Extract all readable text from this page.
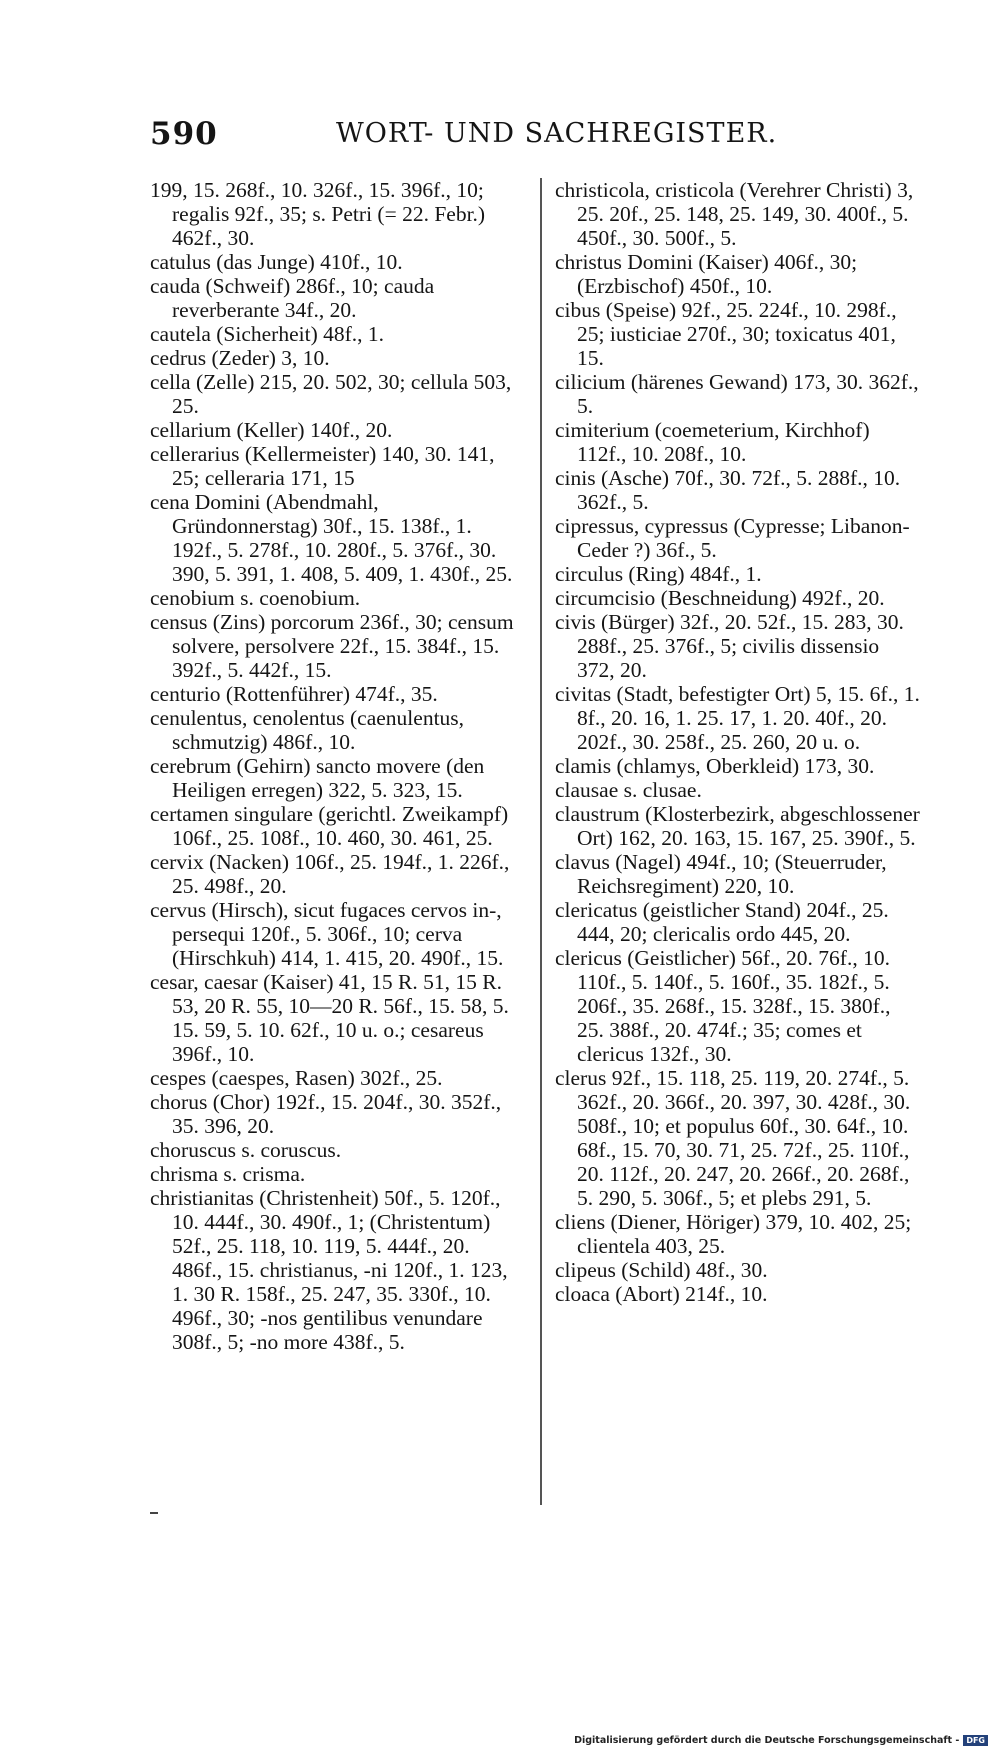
590	WORT- UND SACHREGISTER.

199, 15. 268f., 10. 326f., 15. 396f., 10; regalis 92f., 35; s. Petri (= 22. Febr.) 462f., 30.

catulus (das Junge) 410f., 10.

cauda (Schweif) 286f., 10; cauda reverberante 34f., 20.

cautela (Sicherheit) 48f., 1.

cedrus (Zeder) 3, 10.

cella (Zelle) 215, 20. 502, 30; cellula 503, 25.

cellarium (Keller) 140f., 20.

cellerarius (Kellermeister) 140, 30. 141, 25; celleraria 171, 15

cena Domini (Abendmahl, Gründonnerstag) 30f., 15. 138f., 1. 192f., 5. 278f., 10. 280f., 5. 376f., 30. 390, 5. 391, 1. 408, 5. 409, 1. 430f., 25.

cenobium s. coenobium.

census (Zins) porcorum 236f., 30; censum solvere, persolvere 22f., 15. 384f., 15. 392f., 5. 442f., 15.

centurio (Rottenführer) 474f., 35.

cenulentus, cenolentus (caenulentus, schmutzig) 486f., 10.

cerebrum (Gehirn) sancto movere (den Heiligen erregen) 322, 5. 323, 15.

certamen singulare (gerichtl. Zweikampf) 106f., 25. 108f., 10. 460, 30. 461, 25.

cervix (Nacken) 106f., 25. 194f., 1. 226f., 25. 498f., 20.

cervus (Hirsch), sicut fugaces cervos in-, persequi 120f., 5. 306f., 10; cerva (Hirschkuh) 414, 1. 415, 20. 490f., 15.

cesar, caesar (Kaiser) 41, 15 R. 51, 15 R. 53, 20 R. 55, 10—20 R. 56f., 15. 58, 5. 15. 59, 5. 10. 62f., 10 u. o.; cesareus 396f., 10.

cespes (caespes, Rasen) 302f., 25.

chorus (Chor) 192f., 15. 204f., 30. 352f., 35. 396, 20.

choruscus s. coruscus.

chrisma s. crisma.

christianitas (Christenheit) 50f., 5. 120f., 10. 444f., 30. 490f., 1; (Christentum) 52f., 25. 118, 10. 119, 5. 444f., 20. 486f., 15. christianus, -ni 120f., 1. 123, 1. 30 R. 158f., 25. 247, 35. 330f., 10. 496f., 30; -nos gentilibus venundare 308f., 5; -no more 438f., 5.

christicola, cristicola (Verehrer Christi) 3, 25. 20f., 25. 148, 25. 149, 30. 400f., 5. 450f., 30. 500f., 5.

christus Domini (Kaiser) 406f., 30; (Erzbischof) 450f., 10.

cibus (Speise) 92f., 25. 224f., 10. 298f., 25; iusticiae 270f., 30; toxicatus 401, 15.

cilicium (härenes Gewand) 173, 30. 362f., 5.

cimiterium (coemeterium, Kirchhof) 112f., 10. 208f., 10.

cinis (Asche) 70f., 30. 72f., 5. 288f., 10. 362f., 5.

cipressus, cypressus (Cypresse; Libanon-Ceder ?) 36f., 5.

circulus (Ring) 484f., 1.

circumcisio (Beschneidung) 492f., 20.

civis (Bürger) 32f., 20. 52f., 15. 283, 30. 288f., 25. 376f., 5; civilis dissensio 372, 20.

civitas (Stadt, befestigter Ort) 5, 15. 6f., 1. 8f., 20. 16, 1. 25. 17, 1. 20. 40f., 20. 202f., 30. 258f., 25. 260, 20 u. o.

clamis (chlamys, Oberkleid) 173, 30.

clausae s. clusae.

claustrum (Klosterbezirk, abgeschlossener Ort) 162, 20. 163, 15. 167, 25. 390f., 5.

clavus (Nagel) 494f., 10; (Steuerruder, Reichsregiment) 220, 10.

clericatus (geistlicher Stand) 204f., 25. 444, 20; clericalis ordo 445, 20.

clericus (Geistlicher) 56f., 20. 76f., 10. 110f., 5. 140f., 5. 160f., 35. 182f., 5. 206f., 35. 268f., 15. 328f., 15. 380f., 25. 388f., 20. 474f.; 35; comes et clericus 132f., 30.

clerus 92f., 15. 118, 25. 119, 20. 274f., 5. 362f., 20. 366f., 20. 397, 30. 428f., 30. 508f., 10; et populus 60f., 30. 64f., 10. 68f., 15. 70, 30. 71, 25. 72f., 25. 110f., 20. 112f., 20. 247, 20. 266f., 20. 268f., 5. 290, 5. 306f., 5; et plebs 291, 5.

cliens (Diener, Höriger) 379, 10. 402, 25; clientela 403, 25.

clipeus (Schild) 48f., 30.

cloaca (Abort) 214f., 10.

Digitalisierung gefördert durch die Deutsche Forschungsgemeinschaft - DFG
